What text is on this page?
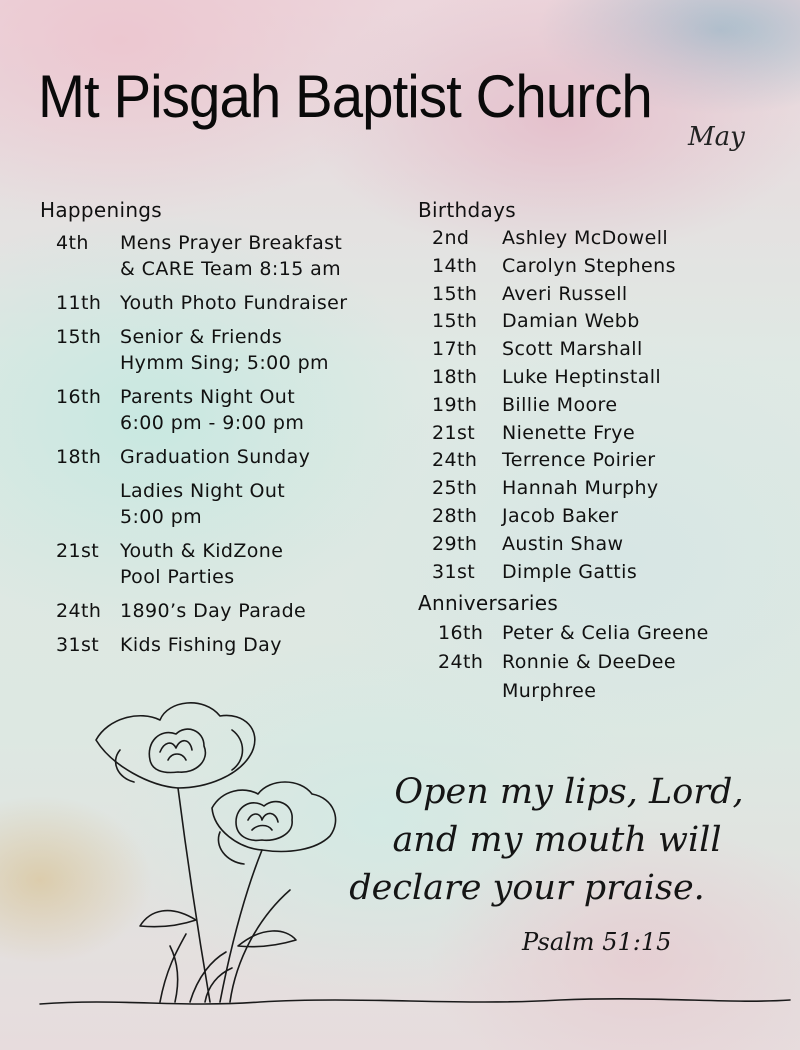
Mt Pisgah Baptist Church
May
Happenings
4th	Mens Prayer Breakfast
& CARE Team 8:15 am
11th Youth Photo Fundraiser
15th Senior & Friends
Hymm Sing; 5:00 pm
16th Parents Night Out
6:00 pm - 9:00 pm
18th Graduation Sunday
Ladies Night Out
5:00 pm
21st	Youth & KidZone
Pool Parties
24th 1890’s Day Parade
31st	Kids Fishing Day
Birthdays
2nd	Ashley McDowell
14th	Carolyn Stephens
15th	Averi Russell
15th	Damian Webb
17th	Scott Marshall
18th	Luke Heptinstall
19th	Billie Moore
21st	Nienette Frye
24th	Terrence Poirier
25th	Hannah Murphy
28th	Jacob Baker
29th	Austin Shaw
31st	Dimple Gattis
Anniversaries
16th Peter & Celia Greene
24th Ronnie & DeeDee
Murphree
Open my lips, Lord,
and my mouth will
declare your praise.
Psalm 51:15
